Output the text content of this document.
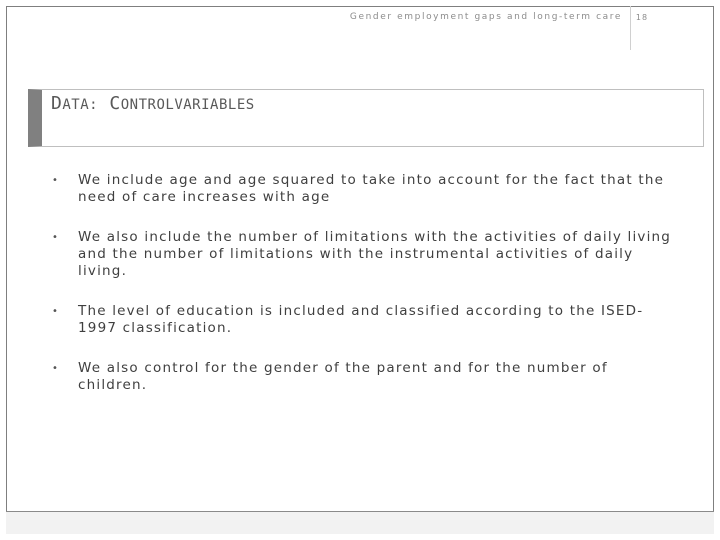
Gender employment gaps and long-term care	18
DATA: CONTROLVARIABLES
• We include age and age squared to take into account for the fact that the need of care increases with age
• We also include the number of limitations with the activities of daily living and the number of limitations with the instrumental activities of daily living.
• The level of education is included and classified according to the ISED-1997 classification.
• We also control for the gender of the parent and for the number of children.
